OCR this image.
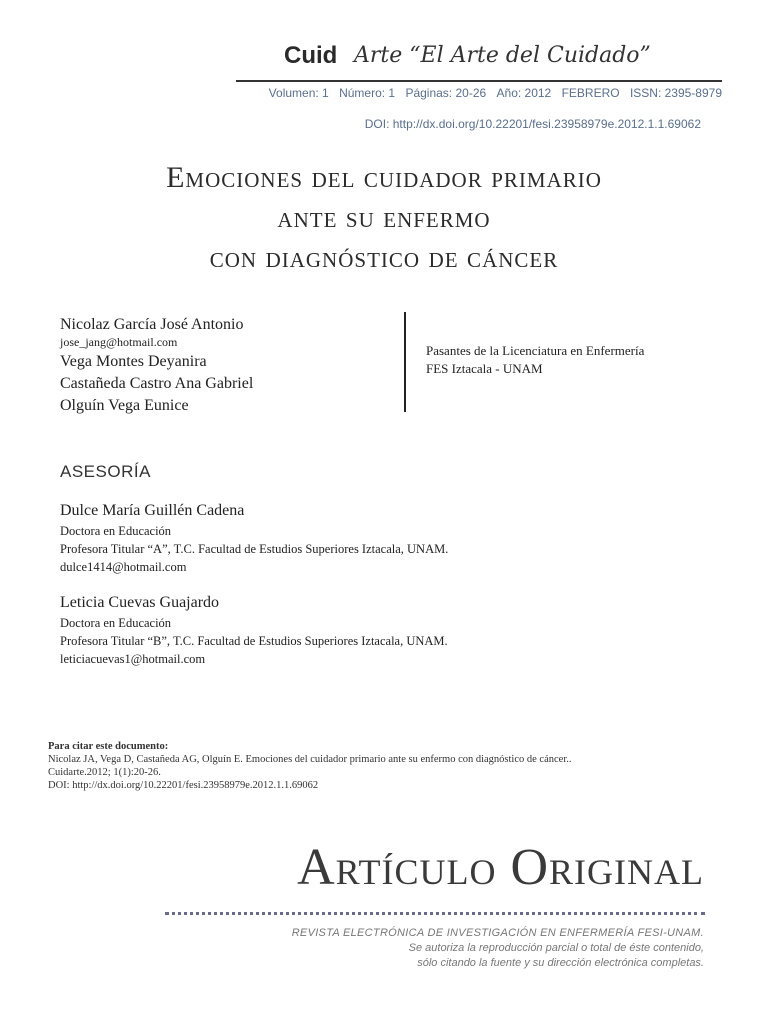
Cuid Arte “El Arte del Cuidado”
Volumen: 1 Número: 1 Páginas: 20-26 Año: 2012 FEBRERO ISSN: 2395-8979
DOI: http://dx.doi.org/10.22201/fesi.23958979e.2012.1.1.69062
Emociones del cuidador primario
ante su enfermo
con diagnóstico de cáncer
Nicolaz García José Antonio
jose_jang@hotmail.com
Vega Montes Deyanira
Castañeda Castro Ana Gabriel
Olguín Vega Eunice
Pasantes de la Licenciatura en Enfermería
FES Iztacala - UNAM
ASESORÍA
Dulce María Guillén Cadena
Doctora en Educación
Profesora Titular “A”, T.C. Facultad de Estudios Superiores Iztacala, UNAM.
dulce1414@hotmail.com
Leticia Cuevas Guajardo
Doctora en Educación
Profesora Titular “B”, T.C. Facultad de Estudios Superiores Iztacala, UNAM.
leticiacuevas1@hotmail.com
Para citar este documento:
Nicolaz JA, Vega D, Castañeda AG, Olguín E. Emociones del cuidador primario ante su enfermo con diagnóstico de cáncer..
Cuidarte.2012; 1(1):20-26.
DOI: http://dx.doi.org/10.22201/fesi.23958979e.2012.1.1.69062
Artículo Original
REVISTA ELECTRÓNICA DE INVESTIGACIÓN EN ENFERMERÍA FESI-UNAM.
Se autoriza la reproducción parcial o total de éste contenido,
sólo citando la fuente y su dirección electrónica completas.
